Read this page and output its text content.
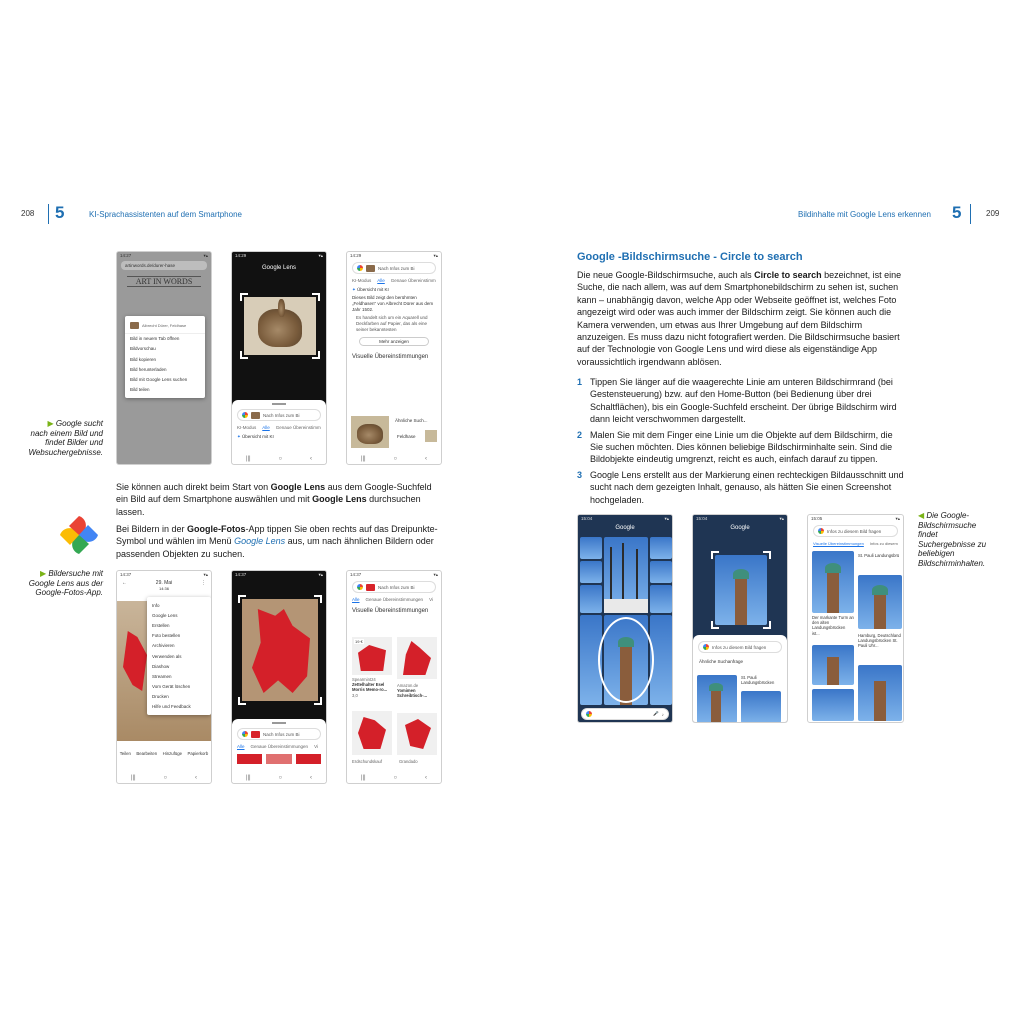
208 5	KI-Sprachassistenten auf dem Smartphone	Bildinhalte mit Google Lens erkennen 5	209
14:27	▾▴
artinwords.de/durer-hase
ART IN WORDS
Albrecht Dürer, Feldhase
Bild in neuem Tab öffnen
Bildvorschau
Bild kopieren
Bild herunterladen
Bild mit Google Lens suchen
Bild teilen
14:29	▾▴
Google Lens
Nach Infos zum Bi
KI-Modus Alle Genaue Übereinstimm
✦ Übersicht mit KI
|||	○	‹
14:29	▾▴
Nach Infos zum Bi
KI-Modus Alle Genaue Übereinstimm
✦ Übersicht mit KI
Dieses Bild zeigt den berühmten „Feldhasen" von Albrecht Dürer aus dem Jahr 1502.
Es handelt sich um ein Aquarell und Deckfarben auf Papier, das als eine seiner bekanntesten
Mehr anzeigen
Visuelle Übereinstimmungen
Ähnliche Such...
Feldhase
|||	○	‹
▶ Google sucht nach einem Bild und findet Bilder und Websuchergebnisse.
Sie können auch direkt beim Start von Google Lens aus dem Google-Suchfeld ein Bild auf dem Smartphone auswählen und mit Google Lens durchsuchen lassen.
Bei Bildern in der Google-Fotos-App tippen Sie oben rechts auf das Dreipunkte-Symbol und wählen im Menü Google Lens aus, um nach ähnlichen Bildern oder passenden Objekten zu suchen.
▶ Bildersuche mit Google Lens aus der Google-Fotos-App.
14:37	▾▴
←	29. Mai
14:36
⋮
Info
Google Lens
Erstellen
Foto bestellen
Archivieren
Verwenden als
Diashow
Streamen
Vom Gerät löschen
Drucken
Hilfe und Feedback
Teilen Bearbeiten Hinzufüge Papierkorb
|||	○	‹
14:37	▾▴
Nach Infos zum Bi
Alle Genaue Übereinstimmungen Vi
|||	○	‹
14:37	▾▴
Nach Infos zum Bi
Alle Genaue Übereinstimmungen Vi
Visuelle Übereinstimmungen
19 €
Spearmint24
Zettelhalter Esel Morris Memo-ro...
3,0
Amazon.de
Yomimen Schreibtisch-...
Erdschundskauf	Grandado
|||	○	‹
Google -Bildschirmsuche - Circle to search
Die neue Google-Bildschirmsuche, auch als Circle to search bezeichnet, ist eine Suche, die nach allem, was auf dem Smartphonebildschirm zu sehen ist, suchen kann – unabhängig davon, welche App oder Webseite geöffnet ist, welches Foto angezeigt wird oder was auch immer der Bildschirm zeigt. Sie können auch die Kamera verwenden, um etwas aus Ihrer Umgebung auf dem Bildschirm anzuzeigen. Es muss dazu nicht fotografiert werden. Die Bildschirmsuche basiert auf der Technologie von Google Lens und wird diese als eigenständige App voraussichtlich irgendwann ablösen.
1 Tippen Sie länger auf die waagerechte Linie am unteren Bildschirmrand (bei Gestensteuerung) bzw. auf den Home-Button (bei Bedienung über drei Schaltflächen), bis ein Google-Suchfeld erscheint. Der übrige Bildschirm wird dann leicht verschwommen dargestellt.
2 Malen Sie mit dem Finger eine Linie um die Objekte auf dem Bildschirm, die Sie suchen möchten. Dies können beliebige Bildschirminhalte sein. Sind die Bildobjekte eindeutig umgrenzt, reicht es auch, einfach darauf zu tippen.
3 Google Lens erstellt aus der Markierung einen rechteckigen Bildausschnitt und sucht nach dem gezeigten Inhalt, genauso, als hätten Sie einen Screenshot hochgeladen.
15:04	▾▴
Google
🎤 ♪
15:04	▾▴
Google
Infos zu diesem Bild fragen
Ähnliche Suchanfrage
St. Pauli Landungsbrücken
15:05	▾▴
Infos zu diesem Bild fragen
Visuelle Übereinstimmungen Infos zu diesem
St. Pauli Landungsbrü
Der markante Turm an den alten Landungsbrücken ist...	Hamburg, Deutschland Landungsbrücken St. Pauli Uhr...
◀ Die Google-Bildschirmsuche findet Suchergebnisse zu beliebigen Bildschirminhalten.
